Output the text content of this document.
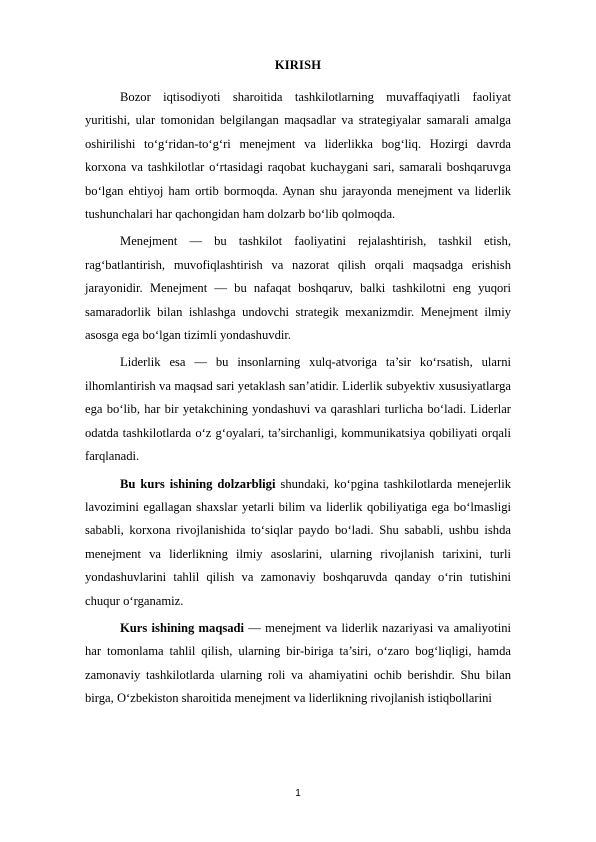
KIRISH

Bozor iqtisodiyoti sharoitida tashkilotlarning muvaffaqiyatli faoliyat yuritishi, ular tomonidan belgilangan maqsadlar va strategiyalar samarali amalga oshirilishi to‘g‘ridan-to‘g‘ri menejment va liderlikka bog‘liq. Hozirgi davrda korxona va tashkilotlar o‘rtasidagi raqobat kuchaygani sari, samarali boshqaruvga bo‘lgan ehtiyoj ham ortib bormoqda. Aynan shu jarayonda menejment va liderlik tushunchalari har qachongidan ham dolzarb bo‘lib qolmoqda.

Menejment — bu tashkilot faoliyatini rejalashtirish, tashkil etish, rag‘batlantirish, muvofiqlashtirish va nazorat qilish orqali maqsadga erishish jarayonidir. Menejment — bu nafaqat boshqaruv, balki tashkilotni eng yuqori samaradorlik bilan ishlashga undovchi strategik mexanizmdir. Menejment ilmiy asosga ega bo‘lgan tizimli yondashuvdir.

Liderlik esa — bu insonlarning xulq-atvoriga ta’sir ko‘rsatish, ularni ilhomlantirish va maqsad sari yetaklash san’atidir. Liderlik subyektiv xususiyatlarga ega bo‘lib, har bir yetakchining yondashuvi va qarashlari turlicha bo‘ladi. Liderlar odatda tashkilotlarda o‘z g‘oyalari, ta’sirchanligi, kommunikatsiya qobiliyati orqali farqlanadi.

Bu kurs ishining dolzarbligi shundaki, ko‘pgina tashkilotlarda menejerlik lavozimini egallagan shaxslar yetarli bilim va liderlik qobiliyatiga ega bo‘lmasligi sababli, korxona rivojlanishida to‘siqlar paydo bo‘ladi. Shu sababli, ushbu ishda menejment va liderlikning ilmiy asoslarini, ularning rivojlanish tarixini, turli yondashuvlarini tahlil qilish va zamonaviy boshqaruvda qanday o‘rin tutishini chuqur o‘rganamiz.

Kurs ishining maqsadi — menejment va liderlik nazariyasi va amaliyotini har tomonlama tahlil qilish, ularning bir-biriga ta’siri, o‘zaro bog‘liqligi, hamda zamonaviy tashkilotlarda ularning roli va ahamiyatini ochib berishdir. Shu bilan birga, O‘zbekiston sharoitida menejment va liderlikning rivojlanish istiqbollarini

1
